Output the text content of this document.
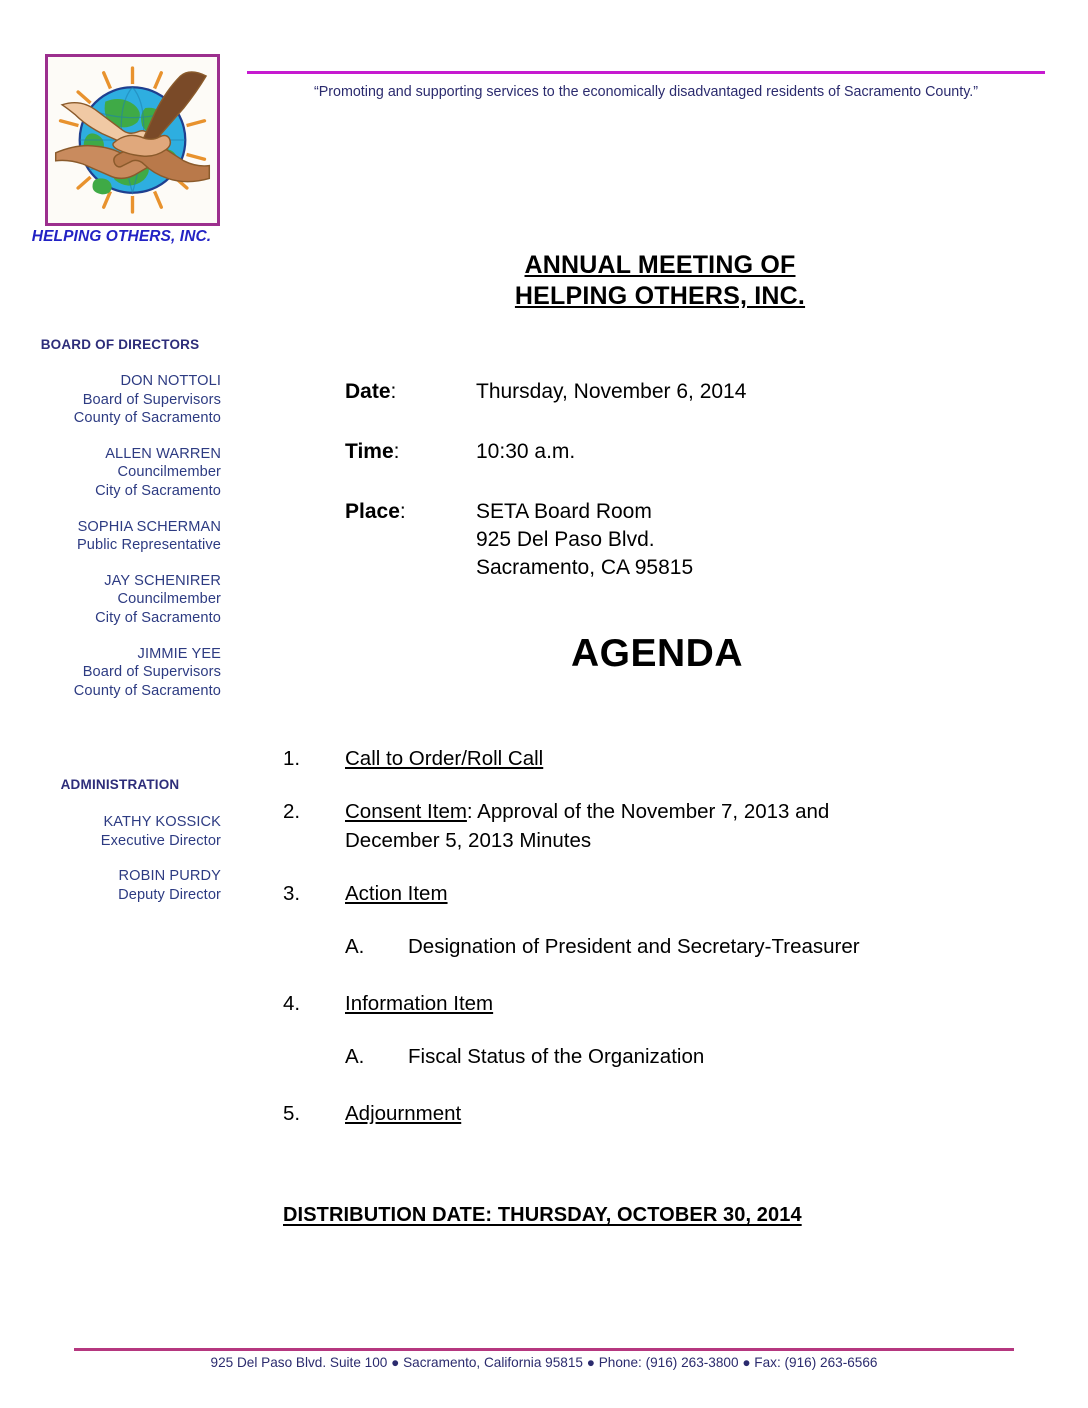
HELPING OTHERS, INC.
BOARD OF DIRECTORS
DON NOTTOLI
Board of Supervisors
County of Sacramento
ALLEN WARREN
Councilmember
City of Sacramento
SOPHIA SCHERMAN
Public Representative
JAY SCHENIRER
Councilmember
City of Sacramento
JIMMIE YEE
Board of Supervisors
County of Sacramento
ADMINISTRATION
KATHY KOSSICK
Executive Director
ROBIN PURDY
Deputy Director
“Promoting and supporting services to the economically disadvantaged residents of Sacramento County.”
ANNUAL MEETING OF
HELPING OTHERS, INC.
Date:	Thursday, November 6, 2014
Time:	10:30 a.m.
Place:	SETA Board Room
925 Del Paso Blvd.
Sacramento, CA 95815
AGENDA
1.	Call to Order/Roll Call
2.	Consent Item: Approval of the November 7, 2013 and
December 5, 2013 Minutes
3.	Action Item
A.	Designation of President and Secretary-Treasurer
4.	Information Item
A.	Fiscal Status of the Organization
5.	Adjournment
DISTRIBUTION DATE: THURSDAY, OCTOBER 30, 2014
925 Del Paso Blvd. Suite 100 ● Sacramento, California 95815 ● Phone: (916) 263-3800 ● Fax: (916) 263-6566
